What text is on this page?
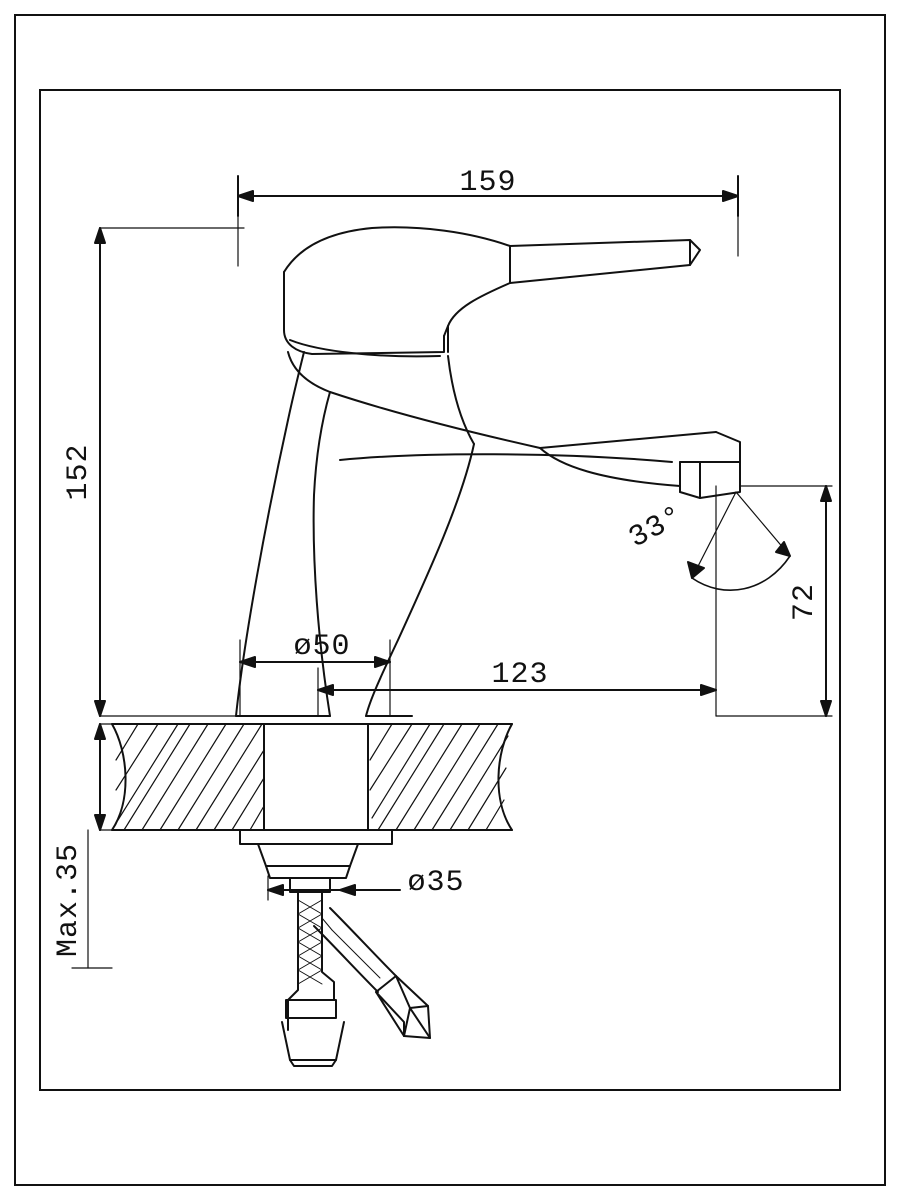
159
152
72
123
ø50
ø35
33°
Max.35
